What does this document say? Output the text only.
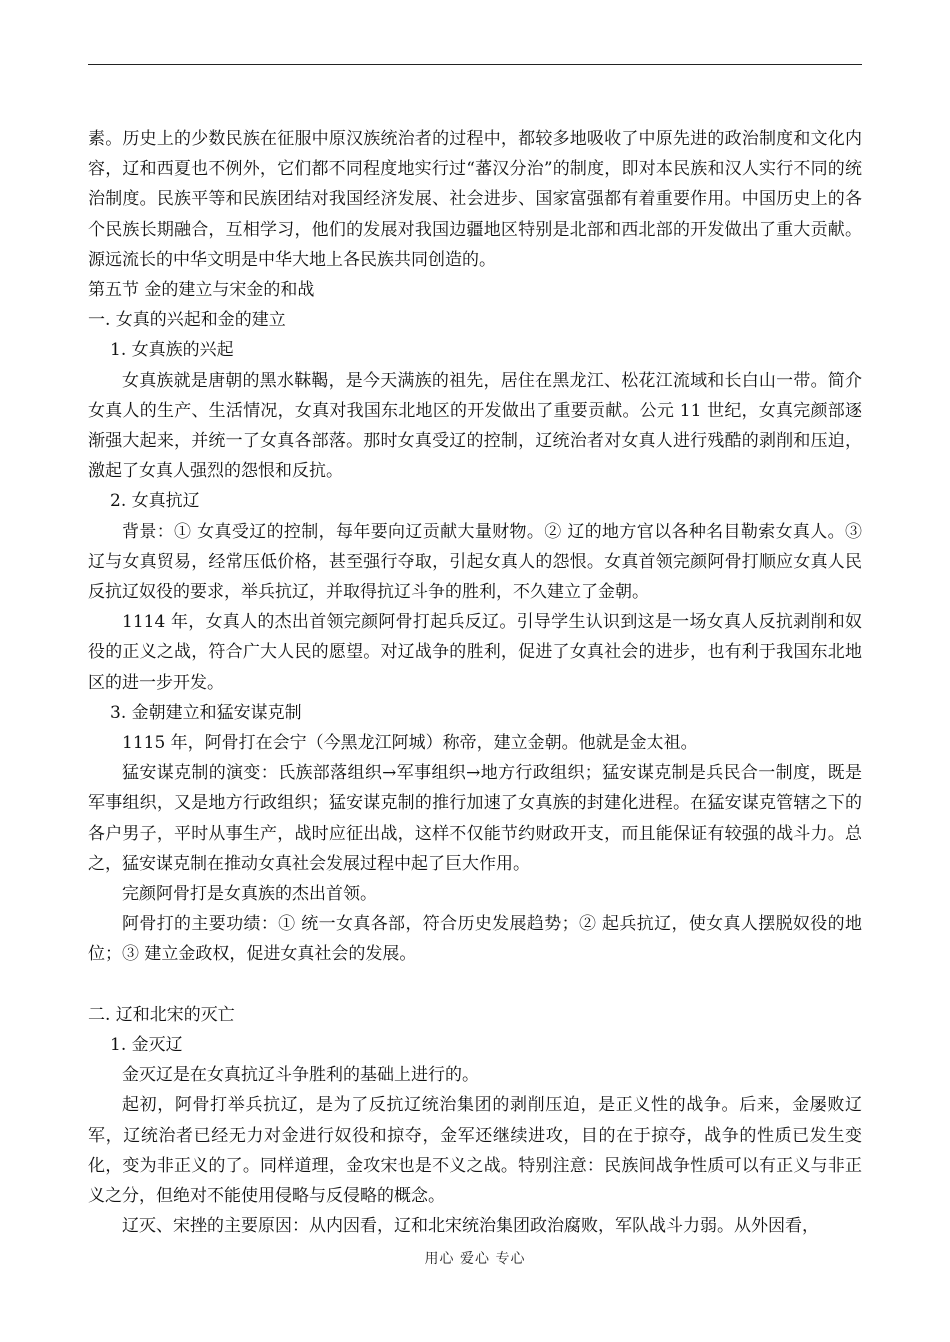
素。历史上的少数民族在征服中原汉族统治者的过程中，都较多地吸收了中原先进的政治制度和文化内容，辽和西夏也不例外，它们都不同程度地实行过“蕃汉分治”的制度，即对本民族和汉人实行不同的统治制度。民族平等和民族团结对我国经济发展、社会进步、国家富强都有着重要作用。中国历史上的各个民族长期融合，互相学习，他们的发展对我国边疆地区特别是北部和西北部的开发做出了重大贡献。源远流长的中华文明是中华大地上各民族共同创造的。

第五节 金的建立与宋金的和战
一. 女真的兴起和金的建立
1. 女真族的兴起

女真族就是唐朝的黑水靺鞨，是今天满族的祖先，居住在黑龙江、松花江流域和长白山一带。简介女真人的生产、生活情况，女真对我国东北地区的开发做出了重要贡献。公元 11 世纪，女真完颜部逐渐强大起来，并统一了女真各部落。那时女真受辽的控制，辽统治者对女真人进行残酷的剥削和压迫，激起了女真人强烈的怨恨和反抗。

2. 女真抗辽

背景：① 女真受辽的控制，每年要向辽贡献大量财物。② 辽的地方官以各种名目勒索女真人。③辽与女真贸易，经常压低价格，甚至强行夺取，引起女真人的怨恨。女真首领完颜阿骨打顺应女真人民反抗辽奴役的要求，举兵抗辽，并取得抗辽斗争的胜利，不久建立了金朝。

1114 年，女真人的杰出首领完颜阿骨打起兵反辽。引导学生认识到这是一场女真人反抗剥削和奴役的正义之战，符合广大人民的愿望。对辽战争的胜利，促进了女真社会的进步，也有利于我国东北地区的进一步开发。

3. 金朝建立和猛安谋克制

1115 年，阿骨打在会宁（今黑龙江阿城）称帝，建立金朝。他就是金太祖。

猛安谋克制的演变：氏族部落组织→军事组织→地方行政组织；猛安谋克制是兵民合一制度，既是军事组织，又是地方行政组织；猛安谋克制的推行加速了女真族的封建化进程。在猛安谋克管辖之下的各户男子，平时从事生产，战时应征出战，这样不仅能节约财政开支，而且能保证有较强的战斗力。总之，猛安谋克制在推动女真社会发展过程中起了巨大作用。

完颜阿骨打是女真族的杰出首领。

阿骨打的主要功绩：① 统一女真各部，符合历史发展趋势；② 起兵抗辽，使女真人摆脱奴役的地位；③ 建立金政权，促进女真社会的发展。

二. 辽和北宋的灭亡
1. 金灭辽

金灭辽是在女真抗辽斗争胜利的基础上进行的。

起初，阿骨打举兵抗辽，是为了反抗辽统治集团的剥削压迫，是正义性的战争。后来，金屡败辽军，辽统治者已经无力对金进行奴役和掠夺，金军还继续进攻，目的在于掠夺，战争的性质已发生变化，变为非正义的了。同样道理，金攻宋也是不义之战。特别注意：民族间战争性质可以有正义与非正义之分，但绝对不能使用侵略与反侵略的概念。

辽灭、宋挫的主要原因：从内因看，辽和北宋统治集团政治腐败，军队战斗力弱。从外因看，

用心 爱心 专心
